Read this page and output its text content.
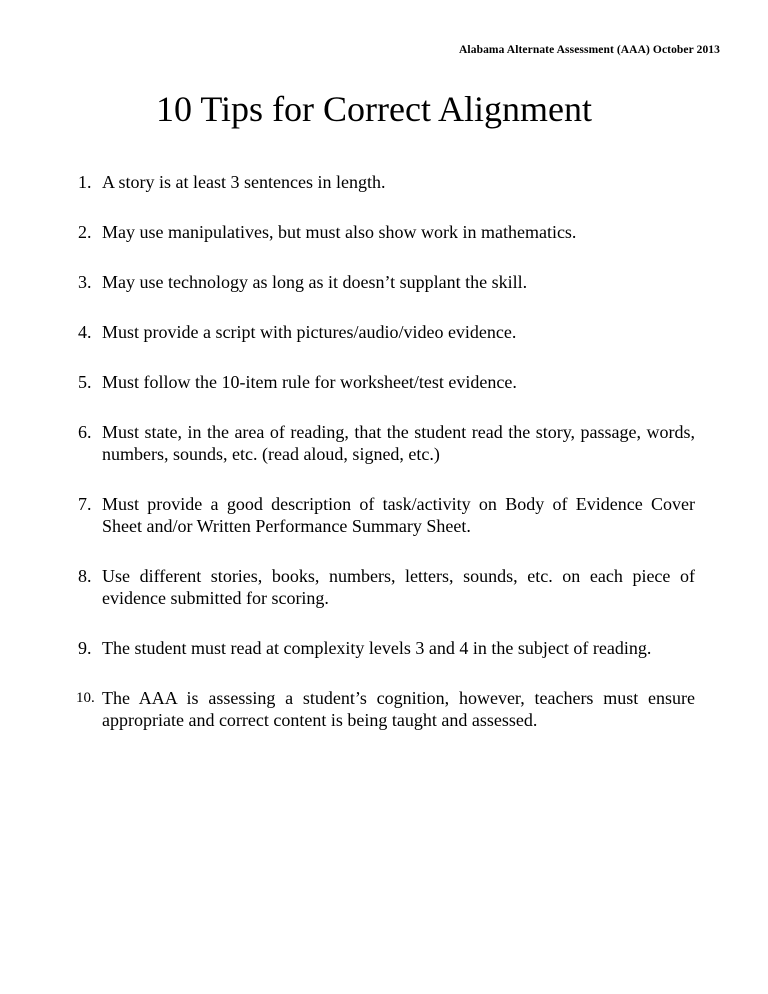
Alabama Alternate Assessment (AAA) October 2013
10 Tips for Correct Alignment
1. A story is at least 3 sentences in length.
2. May use manipulatives, but must also show work in mathematics.
3. May use technology as long as it doesn’t supplant the skill.
4. Must provide a script with pictures/audio/video evidence.
5. Must follow the 10-item rule for worksheet/test evidence.
6. Must state, in the area of reading, that the student read the story, passage, words, numbers, sounds, etc. (read aloud, signed, etc.)
7. Must provide a good description of task/activity on Body of Evidence Cover Sheet and/or Written Performance Summary Sheet.
8. Use different stories, books, numbers, letters, sounds, etc. on each piece of evidence submitted for scoring.
9. The student must read at complexity levels 3 and 4 in the subject of reading.
10. The AAA is assessing a student’s cognition, however, teachers must ensure appropriate and correct content is being taught and assessed.
